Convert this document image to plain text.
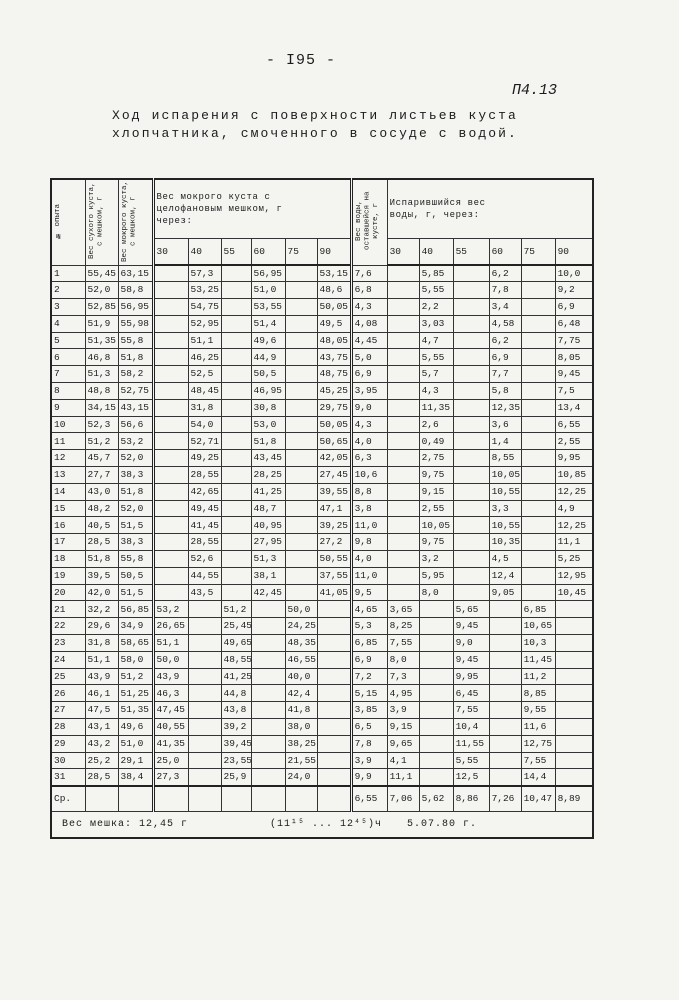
- I95 -
П4.13
Ход испарения с поверхности листьев куста
хлопчатника, смоченного в сосуде с водой.
№ опыта	Вес сухого куста, с мешком, г	Вес мокрого куста, с мешком, г	Вес мокрого куста с
целофановым мешком, г
через:						Вес воды, оставшейся на кусте, г	Испарившийся вес
воды, г, через:					

			30	40	55	60	75	90		30	40	55	60	75	90
1	55,45	63,15		57,3		56,95		53,15	7,6		5,85		6,2		10,0
2	52,0	58,8		53,25		51,0		48,6	6,8		5,55		7,8		9,2
3	52,85	56,95		54,75		53,55		50,05	4,3		2,2		3,4		6,9
4	51,9	55,98		52,95		51,4		49,5	4,08		3,03		4,58		6,48
5	51,35	55,8		51,1		49,6		48,05	4,45		4,7		6,2		7,75
6	46,8	51,8		46,25		44,9		43,75	5,0		5,55		6,9		8,05
7	51,3	58,2		52,5		50,5		48,75	6,9		5,7		7,7		9,45
8	48,8	52,75		48,45		46,95		45,25	3,95		4,3		5,8		7,5
9	34,15	43,15		31,8		30,8		29,75	9,0		11,35		12,35		13,4
10	52,3	56,6		54,0		53,0		50,05	4,3		2,6		3,6		6,55
11	51,2	53,2		52,71		51,8		50,65	4,0		0,49		1,4		2,55
12	45,7	52,0		49,25		43,45		42,05	6,3		2,75		8,55		9,95
13	27,7	38,3		28,55		28,25		27,45	10,6		9,75		10,05		10,85
14	43,0	51,8		42,65		41,25		39,55	8,8		9,15		10,55		12,25
15	48,2	52,0		49,45		48,7		47,1	3,8		2,55		3,3		4,9
16	40,5	51,5		41,45		40,95		39,25	11,0		10,05		10,55		12,25
17	28,5	38,3		28,55		27,95		27,2	9,8		9,75		10,35		11,1
18	51,8	55,8		52,6		51,3		50,55	4,0		3,2		4,5		5,25
19	39,5	50,5		44,55		38,1		37,55	11,0		5,95		12,4		12,95
20	42,0	51,5		43,5		42,45		41,05	9,5		8,0		9,05		10,45
21	32,2	56,85	53,2		51,2		50,0		4,65	3,65		5,65		6,85	
22	29,6	34,9	26,65		25,45		24,25		5,3	8,25		9,45		10,65	
23	31,8	58,65	51,1		49,65		48,35		6,85	7,55		9,0		10,3	
24	51,1	58,0	50,0		48,55		46,55		6,9	8,0		9,45		11,45	
25	43,9	51,2	43,9		41,25		40,0		7,2	7,3		9,95		11,2	
26	46,1	51,25	46,3		44,8		42,4		5,15	4,95		6,45		8,85	
27	47,5	51,35	47,45		43,8		41,8		3,85	3,9		7,55		9,55	
28	43,1	49,6	40,55		39,2		38,0		6,5	9,15		10,4		11,6	
29	43,2	51,0	41,35		39,45		38,25		7,8	9,65		11,55		12,75	
30	25,2	29,1	25,0		23,55		21,55		3,9	4,1		5,55		7,55	
31	28,5	38,4	27,3		25,9		24,0		9,9	11,1		12,5		14,4	
Ср.									6,55	7,06	5,62	8,86	7,26	10,47	8,89

Вес мешка: 12,45 г (11¹⁵ ... 12⁴⁵)ч 5.07.80 г.															
